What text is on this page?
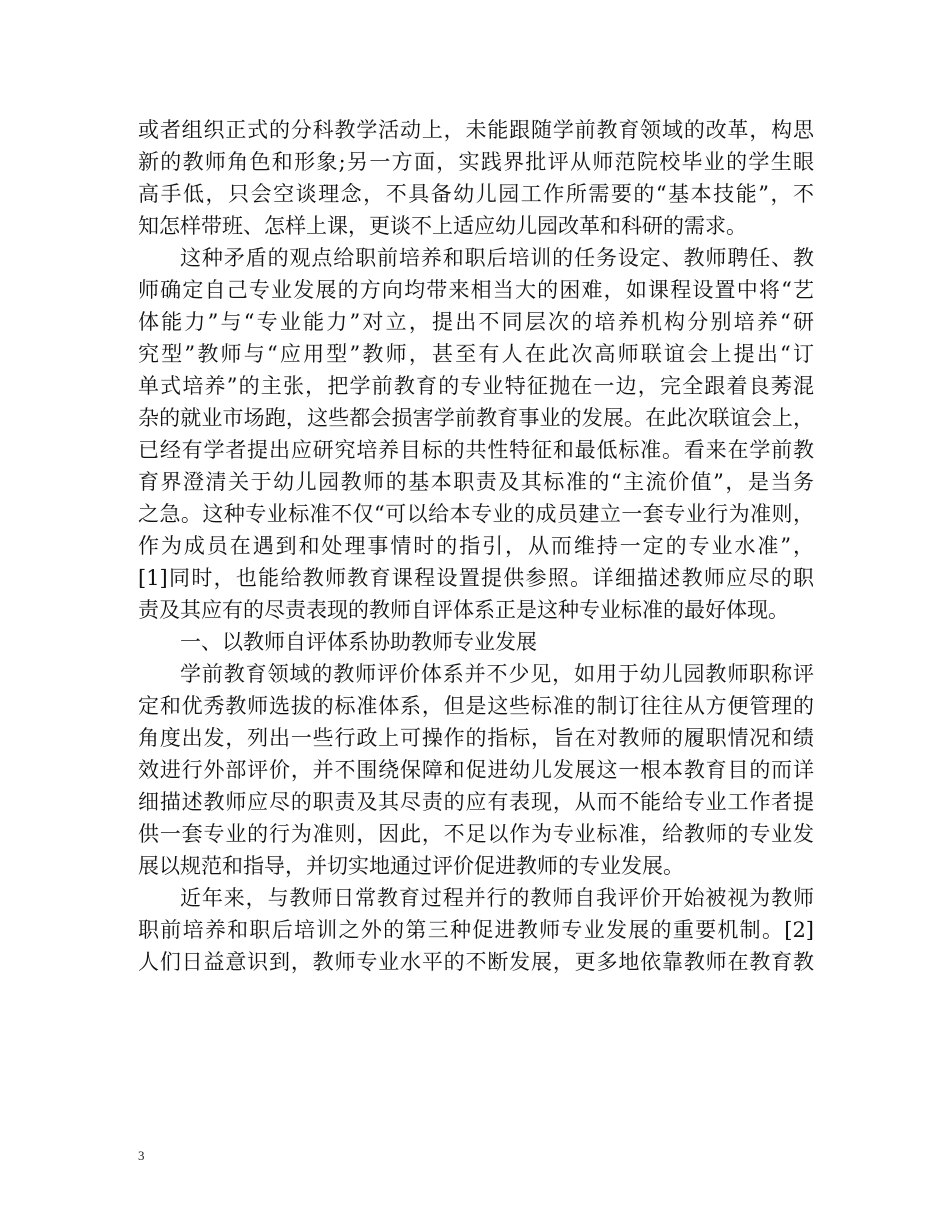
或者组织正式的分科教学活动上，未能跟随学前教育领域的改革，构思
新的教师角色和形象;另一方面，实践界批评从师范院校毕业的学生眼
高手低，只会空谈理念，不具备幼儿园工作所需要的“基本技能”，不
知怎样带班、怎样上课，更谈不上适应幼儿园改革和科研的需求。
这种矛盾的观点给职前培养和职后培训的任务设定、教师聘任、教
师确定自己专业发展的方向均带来相当大的困难，如课程设置中将“艺
体能力”与“专业能力”对立，提出不同层次的培养机构分别培养“研
究型”教师与“应用型”教师，甚至有人在此次高师联谊会上提出“订
单式培养”的主张，把学前教育的专业特征抛在一边，完全跟着良莠混
杂的就业市场跑，这些都会损害学前教育事业的发展。在此次联谊会上，
已经有学者提出应研究培养目标的共性特征和最低标准。看来在学前教
育界澄清关于幼儿园教师的基本职责及其标准的“主流价值”，是当务
之急。这种专业标准不仅“可以给本专业的成员建立一套专业行为准则，
作为成员在遇到和处理事情时的指引，从而维持一定的专业水准”，
[1]同时，也能给教师教育课程设置提供参照。详细描述教师应尽的职
责及其应有的尽责表现的教师自评体系正是这种专业标准的最好体现。
一、以教师自评体系协助教师专业发展
学前教育领域的教师评价体系并不少见，如用于幼儿园教师职称评
定和优秀教师选拔的标准体系，但是这些标准的制订往往从方便管理的
角度出发，列出一些行政上可操作的指标，旨在对教师的履职情况和绩
效进行外部评价，并不围绕保障和促进幼儿发展这一根本教育目的而详
细描述教师应尽的职责及其尽责的应有表现，从而不能给专业工作者提
供一套专业的行为准则，因此，不足以作为专业标准，给教师的专业发
展以规范和指导，并切实地通过评价促进教师的专业发展。
近年来，与教师日常教育过程并行的教师自我评价开始被视为教师
职前培养和职后培训之外的第三种促进教师专业发展的重要机制。[2]
人们日益意识到，教师专业水平的不断发展，更多地依靠教师在教育教
3
